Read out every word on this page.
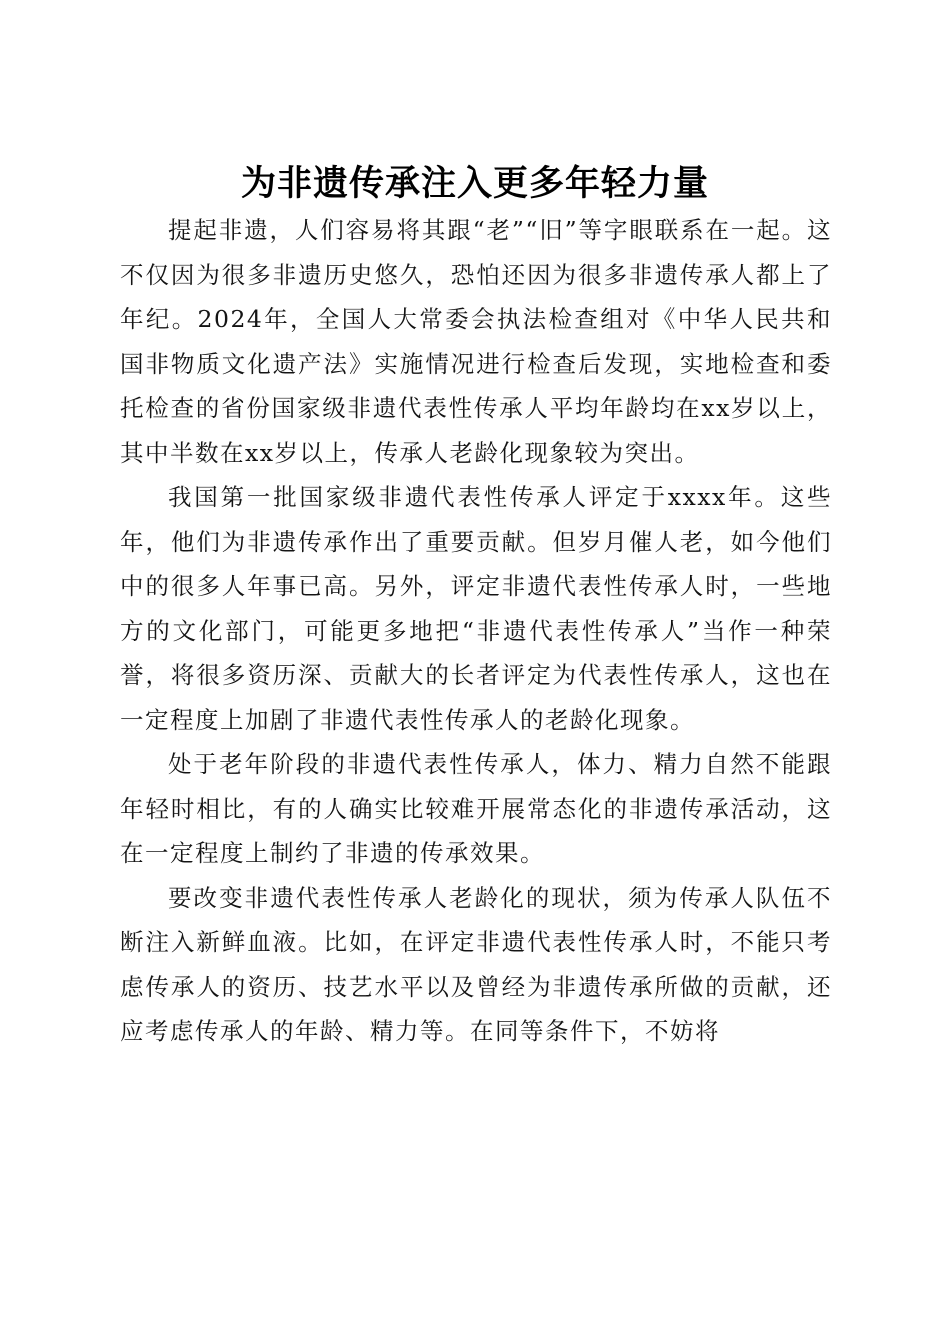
为非遗传承注入更多年轻力量

提起非遗，人们容易将其跟“老”“旧”等字眼联系在一起。这不仅因为很多非遗历史悠久，恐怕还因为很多非遗传承人都上了年纪。2024年，全国人大常委会执法检查组对《中华人民共和国非物质文化遗产法》实施情况进行检查后发现，实地检查和委托检查的省份国家级非遗代表性传承人平均年龄均在xx岁以上，其中半数在xx岁以上，传承人老龄化现象较为突出。

我国第一批国家级非遗代表性传承人评定于xxxx年。这些年，他们为非遗传承作出了重要贡献。但岁月催人老，如今他们中的很多人年事已高。另外，评定非遗代表性传承人时，一些地方的文化部门，可能更多地把“非遗代表性传承人”当作一种荣誉，将很多资历深、贡献大的长者评定为代表性传承人，这也在一定程度上加剧了非遗代表性传承人的老龄化现象。

处于老年阶段的非遗代表性传承人，体力、精力自然不能跟年轻时相比，有的人确实比较难开展常态化的非遗传承活动，这在一定程度上制约了非遗的传承效果。

要改变非遗代表性传承人老龄化的现状，须为传承人队伍不断注入新鲜血液。比如，在评定非遗代表性传承人时，不能只考虑传承人的资历、技艺水平以及曾经为非遗传承所做的贡献，还应考虑传承人的年龄、精力等。在同等条件下，不妨将
